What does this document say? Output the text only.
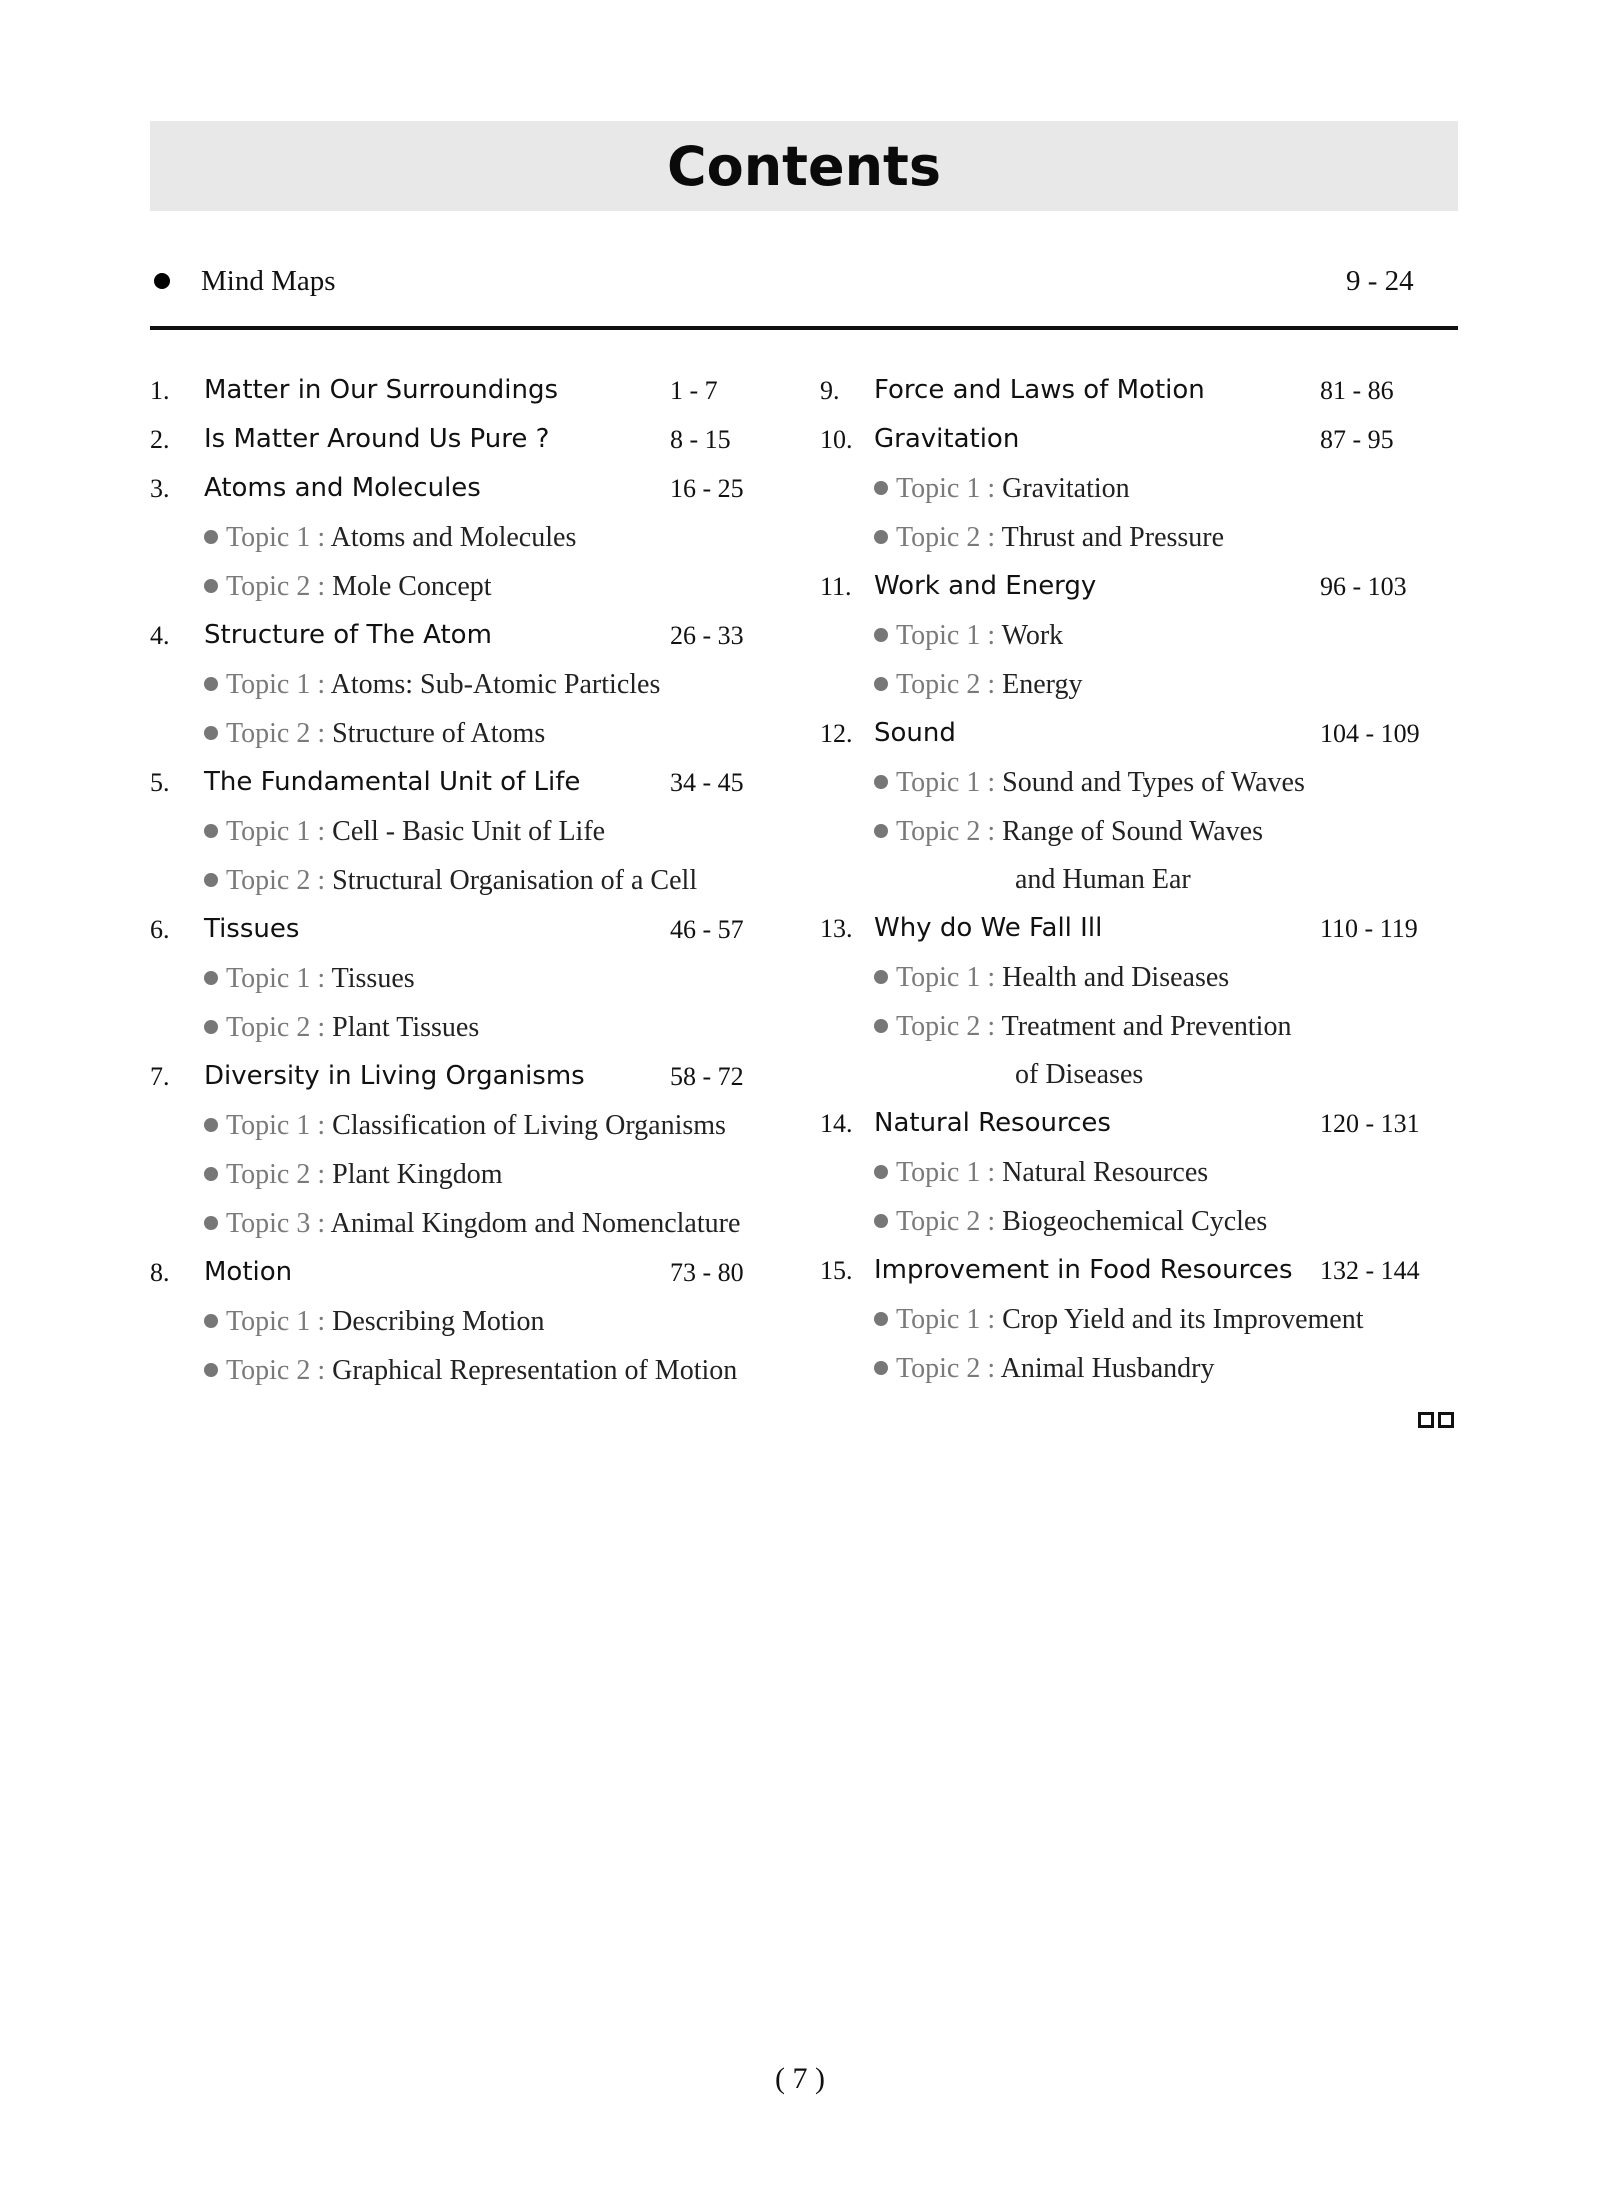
Contents
Mind Maps	9 - 24
1. Matter in Our Surroundings	1 - 7
2. Is Matter Around Us Pure ?	8 - 15
3. Atoms and Molecules	16 - 25
Topic 1 : Atoms and Molecules
Topic 2 : Mole Concept
4. Structure of The Atom	26 - 33
Topic 1 : Atoms: Sub-Atomic Particles
Topic 2 : Structure of Atoms
5. The Fundamental Unit of Life	34 - 45
Topic 1 : Cell - Basic Unit of Life
Topic 2 : Structural Organisation of a Cell
6. Tissues	46 - 57
Topic 1 : Tissues
Topic 2 : Plant Tissues
7. Diversity in Living Organisms	58 - 72
Topic 1 : Classification of Living Organisms
Topic 2 : Plant Kingdom
Topic 3 : Animal Kingdom and Nomenclature
8. Motion	73 - 80
Topic 1 : Describing Motion
Topic 2 : Graphical Representation of Motion
9. Force and Laws of Motion	81 - 86
10. Gravitation	87 - 95
Topic 1 : Gravitation
Topic 2 : Thrust and Pressure
11. Work and Energy	96 - 103
Topic 1 : Work
Topic 2 : Energy
12. Sound	104 - 109
Topic 1 : Sound and Types of Waves
Topic 2 : Range of Sound Waves
and Human Ear
13. Why do We Fall Ill	110 - 119
Topic 1 : Health and Diseases
Topic 2 : Treatment and Prevention
of Diseases
14. Natural Resources	120 - 131
Topic 1 : Natural Resources
Topic 2 : Biogeochemical Cycles
15. Improvement in Food Resources 132 - 144
Topic 1 : Crop Yield and its Improvement
Topic 2 : Animal Husbandry
( 7 )
